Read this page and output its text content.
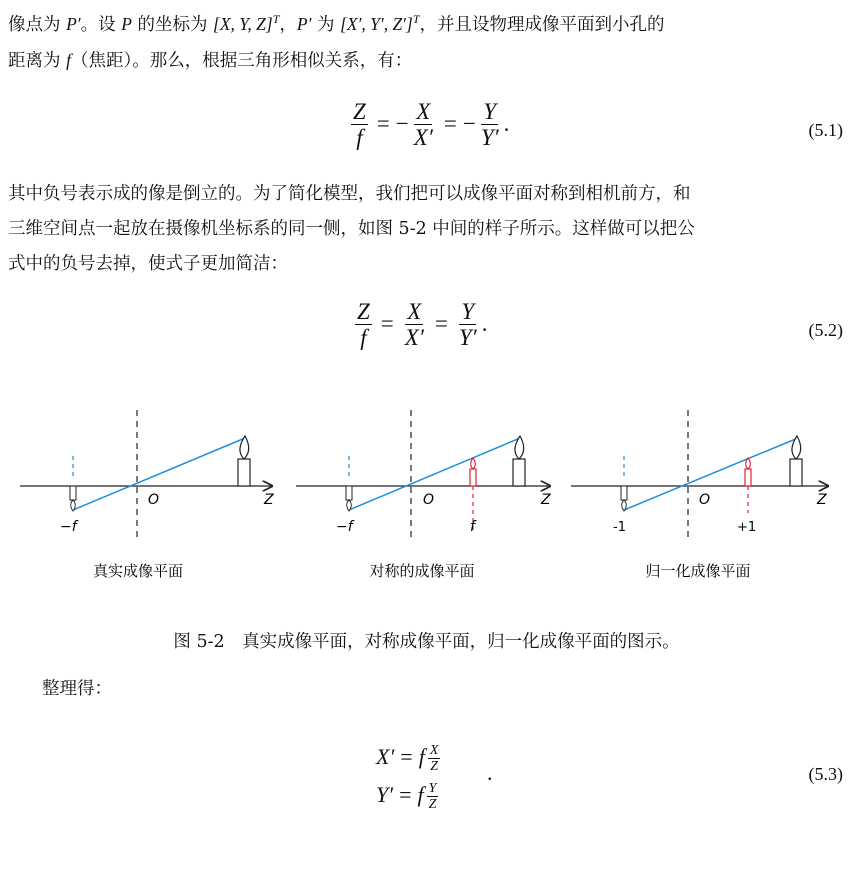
像点为 P′。设 P 的坐标为 [X, Y, Z]$^T$，P′ 为 [X′, Y′, Z′]$^T$，并且设物理成像平面到小孔的
距离为 f（焦距）。那么，根据三角形相似关系，有：
$\frac{Z}{f}$ = − $\frac{X}{X'}$ = − $\frac{Y}{Y'}$ .	(5.1)
其中负号表示成的像是倒立的。为了简化模型，我们把可以成像平面对称到相机前方，和
三维空间点一起放在摄像机坐标系的同一侧，如图 5-2 中间的样子所示。这样做可以把公
式中的负号去掉，使式子更加简洁：
$\frac{Z}{f} = \frac{X}{X'} = \frac{Y}{Y'}$ .	(5.2)
O	Z
−f
真实成像平面
O	Z
−f	f
对称的成像平面
O	Z
-1	+1
归一化成像平面
图 5-2　真实成像平面，对称成像平面，归一化成像平面的图示。
整理得：
X′ = f $\frac{X}{Z}$
Y′ = f $\frac{Y}{Z}$
.	(5.3)
